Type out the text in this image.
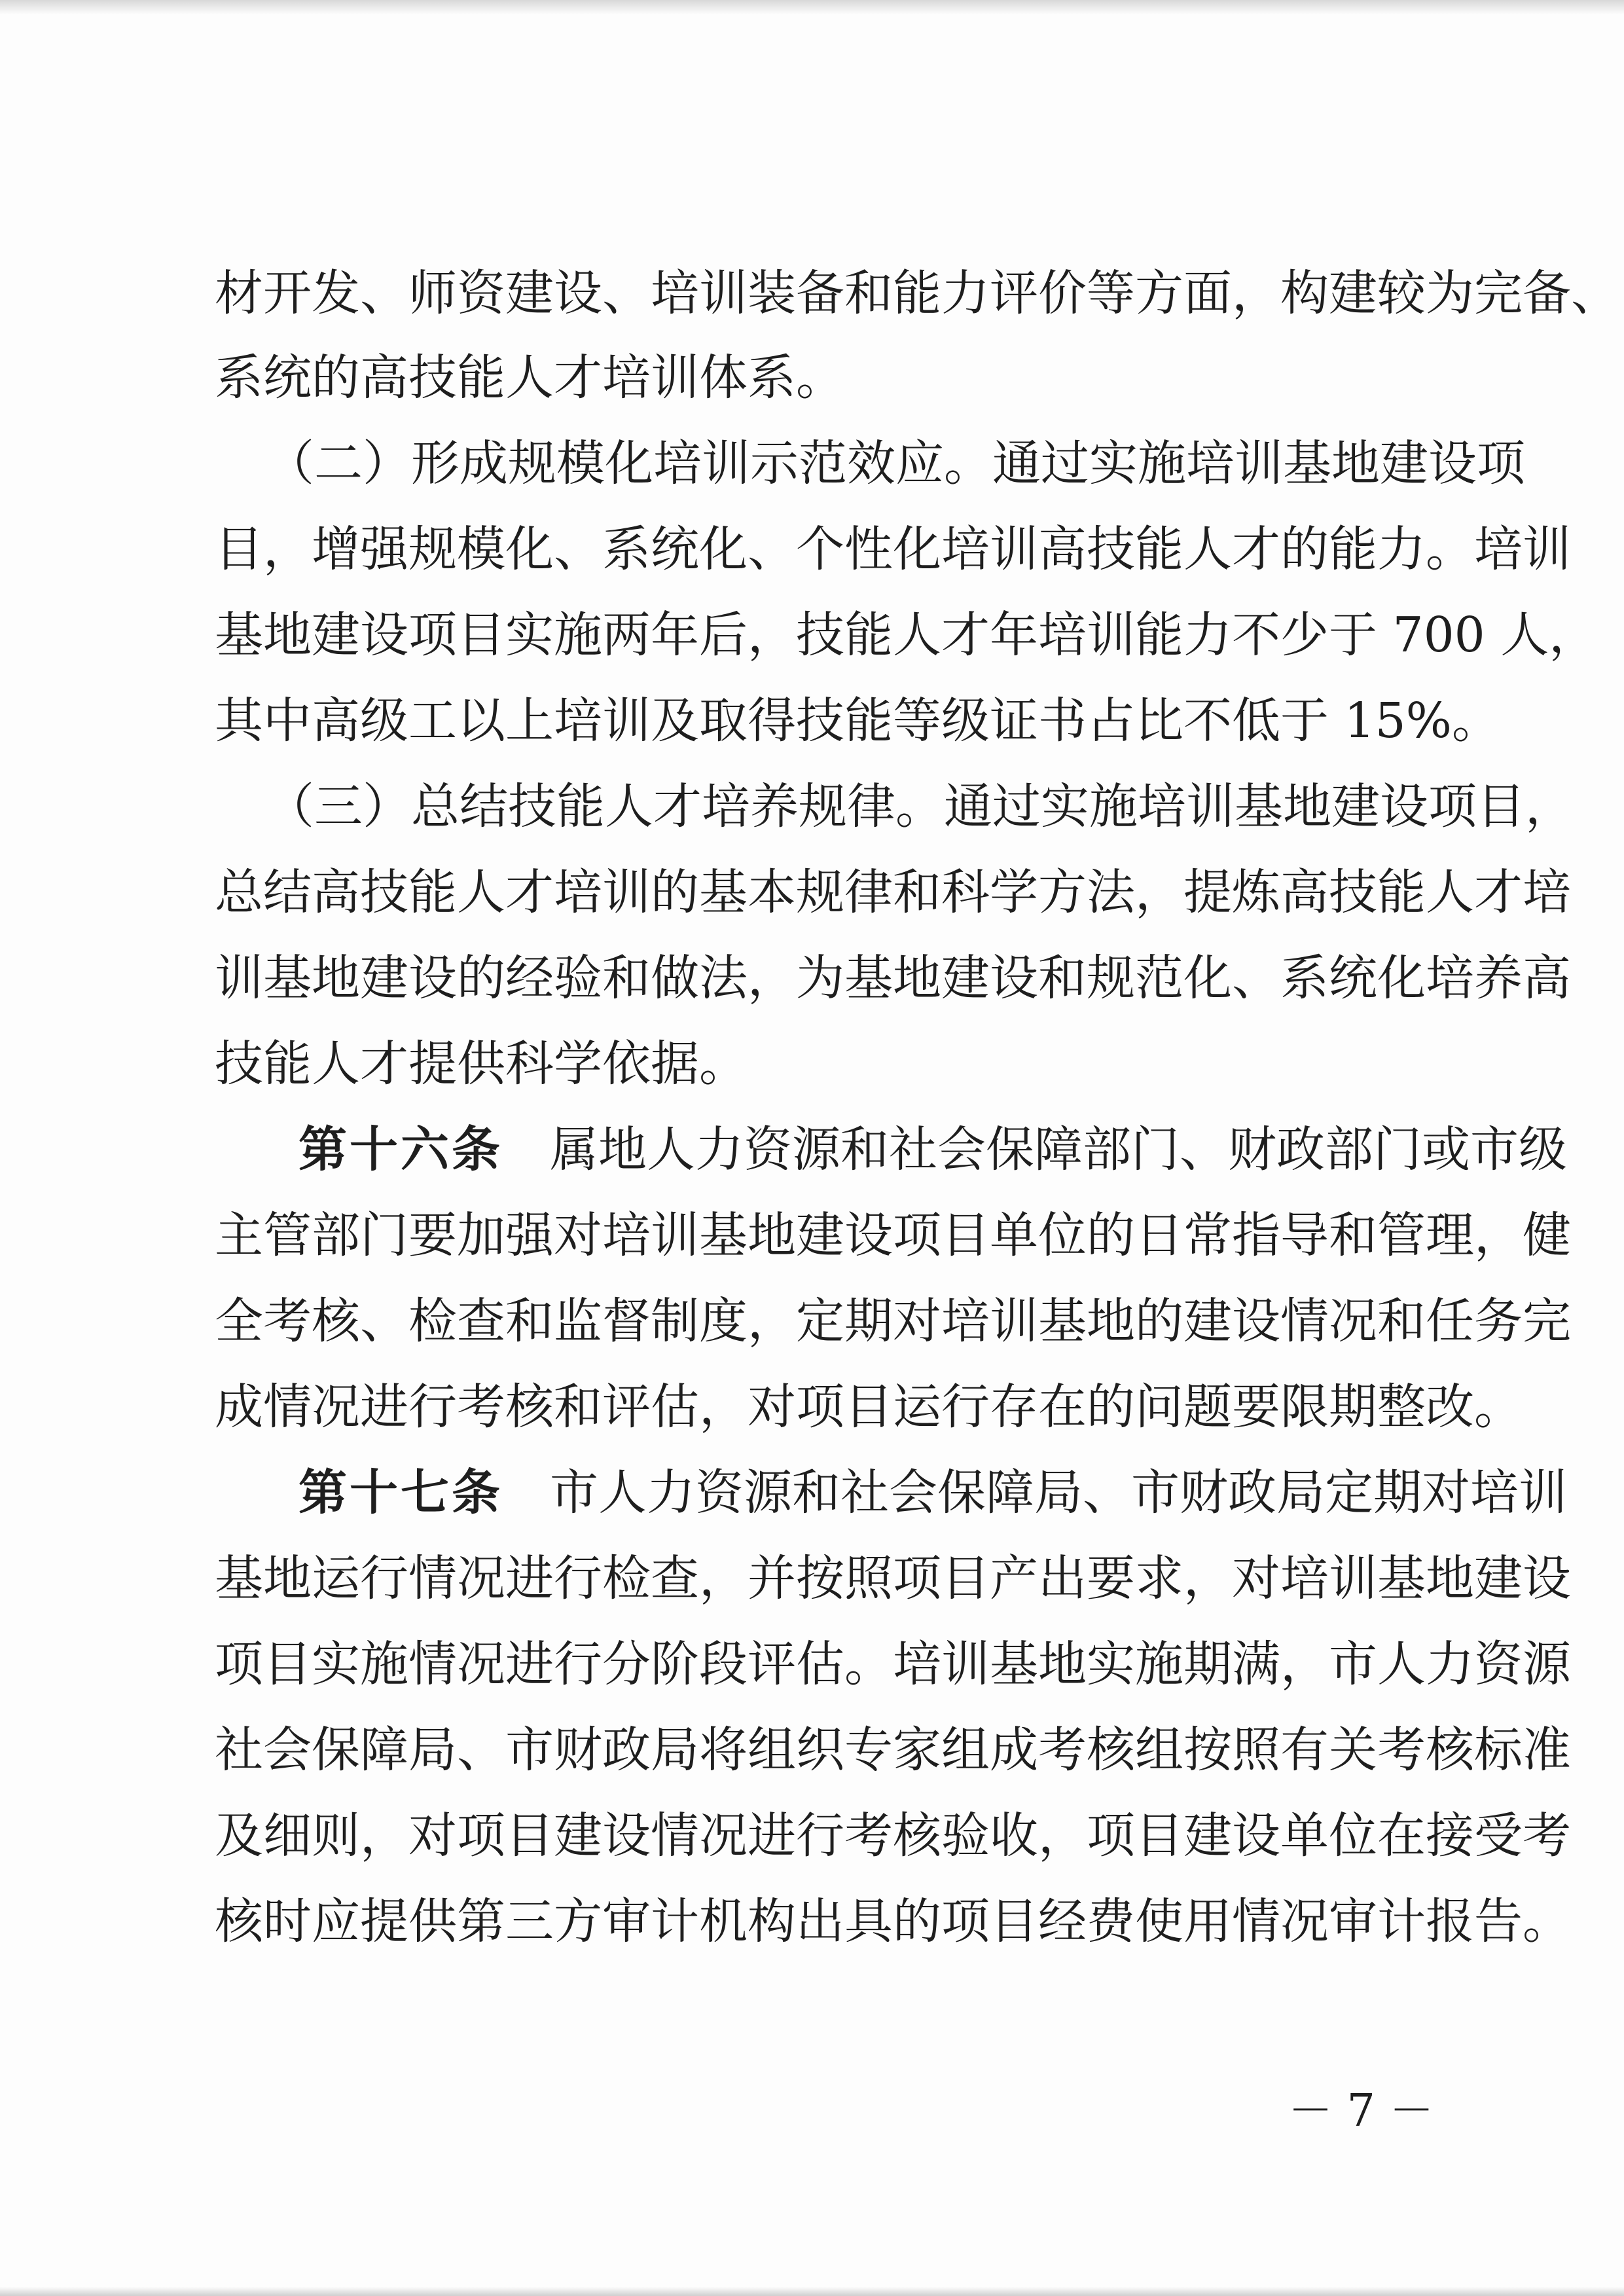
材开发、师资建设、培训装备和能力评价等方面，构建较为完备、
系统的高技能人才培训体系。
（二）形成规模化培训示范效应。通过实施培训基地建设项
目，增强规模化、系统化、个性化培训高技能人才的能力。培训
基地建设项目实施两年后，技能人才年培训能力不少于 700 人，
其中高级工以上培训及取得技能等级证书占比不低于 15%。
（三）总结技能人才培养规律。通过实施培训基地建设项目，
总结高技能人才培训的基本规律和科学方法，提炼高技能人才培
训基地建设的经验和做法，为基地建设和规范化、系统化培养高
技能人才提供科学依据。
第十六条 属地人力资源和社会保障部门、财政部门或市级
主管部门要加强对培训基地建设项目单位的日常指导和管理，健
全考核、检查和监督制度，定期对培训基地的建设情况和任务完
成情况进行考核和评估，对项目运行存在的问题要限期整改。
第十七条 市人力资源和社会保障局、市财政局定期对培训
基地运行情况进行检查，并按照项目产出要求，对培训基地建设
项目实施情况进行分阶段评估。培训基地实施期满，市人力资源
社会保障局、市财政局将组织专家组成考核组按照有关考核标准
及细则，对项目建设情况进行考核验收，项目建设单位在接受考
核时应提供第三方审计机构出具的项目经费使用情况审计报告。
－ 7 －
